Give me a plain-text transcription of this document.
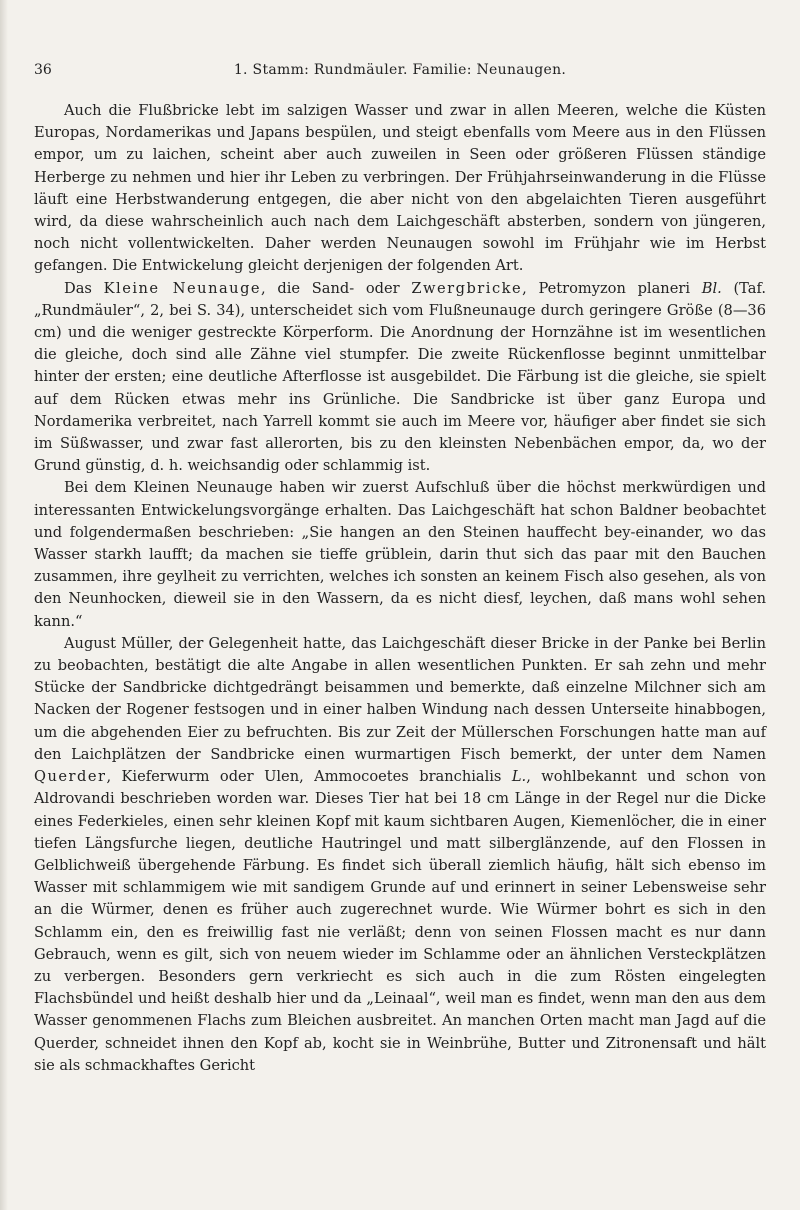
36	1. Stamm: Rundmäuler. Familie: Neunaugen.

Auch die Flußbricke lebt im salzigen Wasser und zwar in allen Meeren, welche die Küsten Europas, Nordamerikas und Japans bespülen, und steigt ebenfalls vom Meere aus in den Flüssen empor, um zu laichen, scheint aber auch zuweilen in Seen oder größeren Flüssen ständige Herberge zu nehmen und hier ihr Leben zu verbringen. Der Frühjahrseinwanderung in die Flüsse läuft eine Herbstwanderung entgegen, die aber nicht von den abgelaichten Tieren ausgeführt wird, da diese wahrscheinlich auch nach dem Laichgeschäft absterben, sondern von jüngeren, noch nicht vollentwickelten. Daher werden Neunaugen sowohl im Frühjahr wie im Herbst gefangen. Die Entwickelung gleicht derjenigen der folgenden Art.

Das Kleine Neunauge, die Sand- oder Zwergbricke, Petromyzon planeri Bl. (Taf. „Rundmäuler“, 2, bei S. 34), unterscheidet sich vom Flußneunauge durch geringere Größe (8—36 cm) und die weniger gestreckte Körperform. Die Anordnung der Hornzähne ist im wesentlichen die gleiche, doch sind alle Zähne viel stumpfer. Die zweite Rückenflosse beginnt unmittelbar hinter der ersten; eine deutliche Afterflosse ist ausgebildet. Die Färbung ist die gleiche, sie spielt auf dem Rücken etwas mehr ins Grünliche. Die Sandbricke ist über ganz Europa und Nordamerika verbreitet, nach Yarrell kommt sie auch im Meere vor, häufiger aber findet sie sich im Süßwasser, und zwar fast allerorten, bis zu den kleinsten Nebenbächen empor, da, wo der Grund günstig, d. h. weichsandig oder schlammig ist.

Bei dem Kleinen Neunauge haben wir zuerst Aufschluß über die höchst merkwürdigen und interessanten Entwickelungsvorgänge erhalten. Das Laichgeschäft hat schon Baldner beobachtet und folgendermaßen beschrieben: „Sie hangen an den Steinen hauffecht bey-einander, wo das Wasser starkh laufft; da machen sie tieffe grüblein, darin thut sich das paar mit den Bauchen zusammen, ihre geylheit zu verrichten, welches ich sonsten an keinem Fisch also gesehen, als von den Neunhocken, dieweil sie in den Wassern, da es nicht diesf, leychen, daß mans wohl sehen kann.“

August Müller, der Gelegenheit hatte, das Laichgeschäft dieser Bricke in der Panke bei Berlin zu beobachten, bestätigt die alte Angabe in allen wesentlichen Punkten. Er sah zehn und mehr Stücke der Sandbricke dichtgedrängt beisammen und bemerkte, daß einzelne Milchner sich am Nacken der Rogener festsogen und in einer halben Windung nach dessen Unterseite hinabbogen, um die abgehenden Eier zu befruchten. Bis zur Zeit der Müllerschen Forschungen hatte man auf den Laichplätzen der Sandbricke einen wurmartigen Fisch bemerkt, der unter dem Namen Querder, Kieferwurm oder Ulen, Ammocoetes branchialis L., wohlbekannt und schon von Aldrovandi beschrieben worden war. Dieses Tier hat bei 18 cm Länge in der Regel nur die Dicke eines Federkieles, einen sehr kleinen Kopf mit kaum sichtbaren Augen, Kiemenlöcher, die in einer tiefen Längsfurche liegen, deutliche Hautringel und matt silberglänzende, auf den Flossen in Gelblichweiß übergehende Färbung. Es findet sich überall ziemlich häufig, hält sich ebenso im Wasser mit schlammigem wie mit sandigem Grunde auf und erinnert in seiner Lebensweise sehr an die Würmer, denen es früher auch zugerechnet wurde. Wie Würmer bohrt es sich in den Schlamm ein, den es freiwillig fast nie verläßt; denn von seinen Flossen macht es nur dann Gebrauch, wenn es gilt, sich von neuem wieder im Schlamme oder an ähnlichen Versteckplätzen zu verbergen. Besonders gern verkriecht es sich auch in die zum Rösten eingelegten Flachsbündel und heißt deshalb hier und da „Leinaal“, weil man es findet, wenn man den aus dem Wasser genommenen Flachs zum Bleichen ausbreitet. An manchen Orten macht man Jagd auf die Querder, schneidet ihnen den Kopf ab, kocht sie in Weinbrühe, Butter und Zitronensaft und hält sie als schmackhaftes Gericht
